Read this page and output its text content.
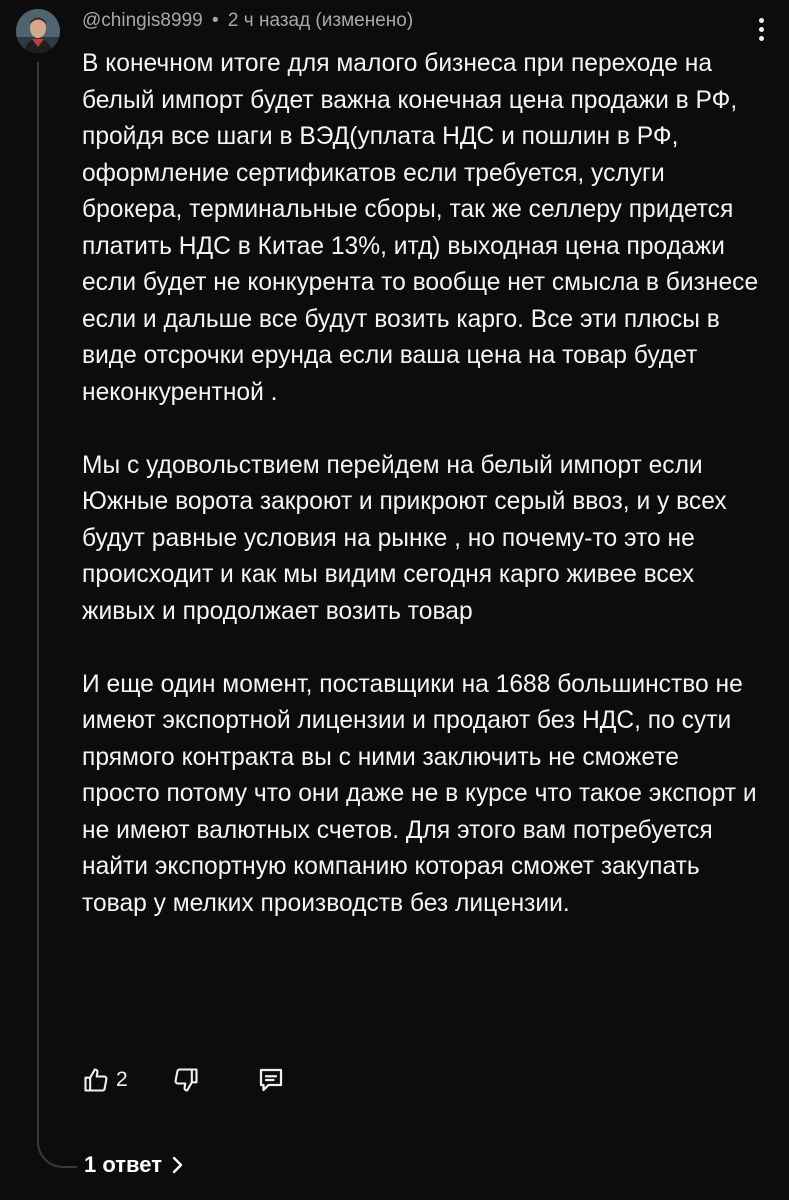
@chingis8999 • 2 ч назад (изменено)

В конечном итоге для малого бизнеса при переходе на белый импорт будет важна конечная цена продажи в РФ, пройдя все шаги в ВЭД(уплата НДС и пошлин в РФ, оформление сертификатов если требуется, услуги брокера, терминальные сборы, так же селлеру придется платить НДС в Китае 13%, итд) выходная цена продажи если будет не конкурента то вообще нет смысла в бизнесе если и дальше все будут возить карго. Все эти плюсы в виде отсрочки ерунда если ваша цена на товар будет неконкурентной .

Мы с удовольствием перейдем на белый импорт если Южные ворота закроют и прикроют серый ввоз, и у всех будут равные условия на рынке , но почему-то это не происходит и как мы видим сегодня карго живее всех живых и продолжает возить товар

И еще один момент, поставщики на 1688 большинство не имеют экспортной лицензии и продают без НДС, по сути прямого контракта вы с ними заключить не сможете просто потому что они даже не в курсе что такое экспорт и не имеют валютных счетов. Для этого вам потребуется найти экспортную компанию которая сможет закупать товар у мелких производств без лицензии.

2
1 ответ
